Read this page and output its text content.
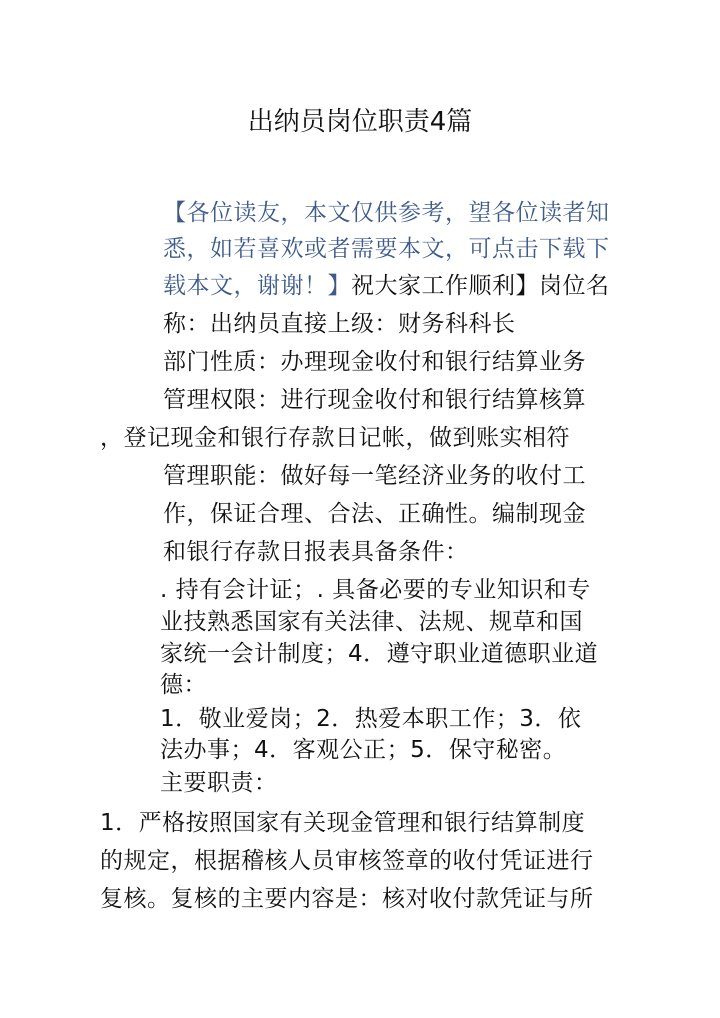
出纳员岗位职责4篇
【各位读友，本文仅供参考，望各位读者知
悉，如若喜欢或者需要本文，可点击下载下
载本文，谢谢！】祝大家工作顺利】岗位名
称：出纳员直接上级：财务科科长
部门性质：办理现金收付和银行结算业务
管理权限：进行现金收付和银行结算核算
，登记现金和银行存款日记帐，做到账实相符
管理职能：做好每一笔经济业务的收付工
作，保证合理、合法、正确性。编制现金
和银行存款日报表具备条件：
. 持有会计证；. 具备必要的专业知识和专
业技熟悉国家有关法律、法规、规草和国
家统一会计制度；4．遵守职业道德职业道
德：
1．敬业爱岗；2．热爱本职工作；3．依
法办事；4．客观公正；5．保守秘密。
主要职责：
1．严格按照国家有关现金管理和银行结算制度
的规定，根据稽核人员审核签章的收付凭证进行
复核。复核的主要内容是：核对收付款凭证与所
